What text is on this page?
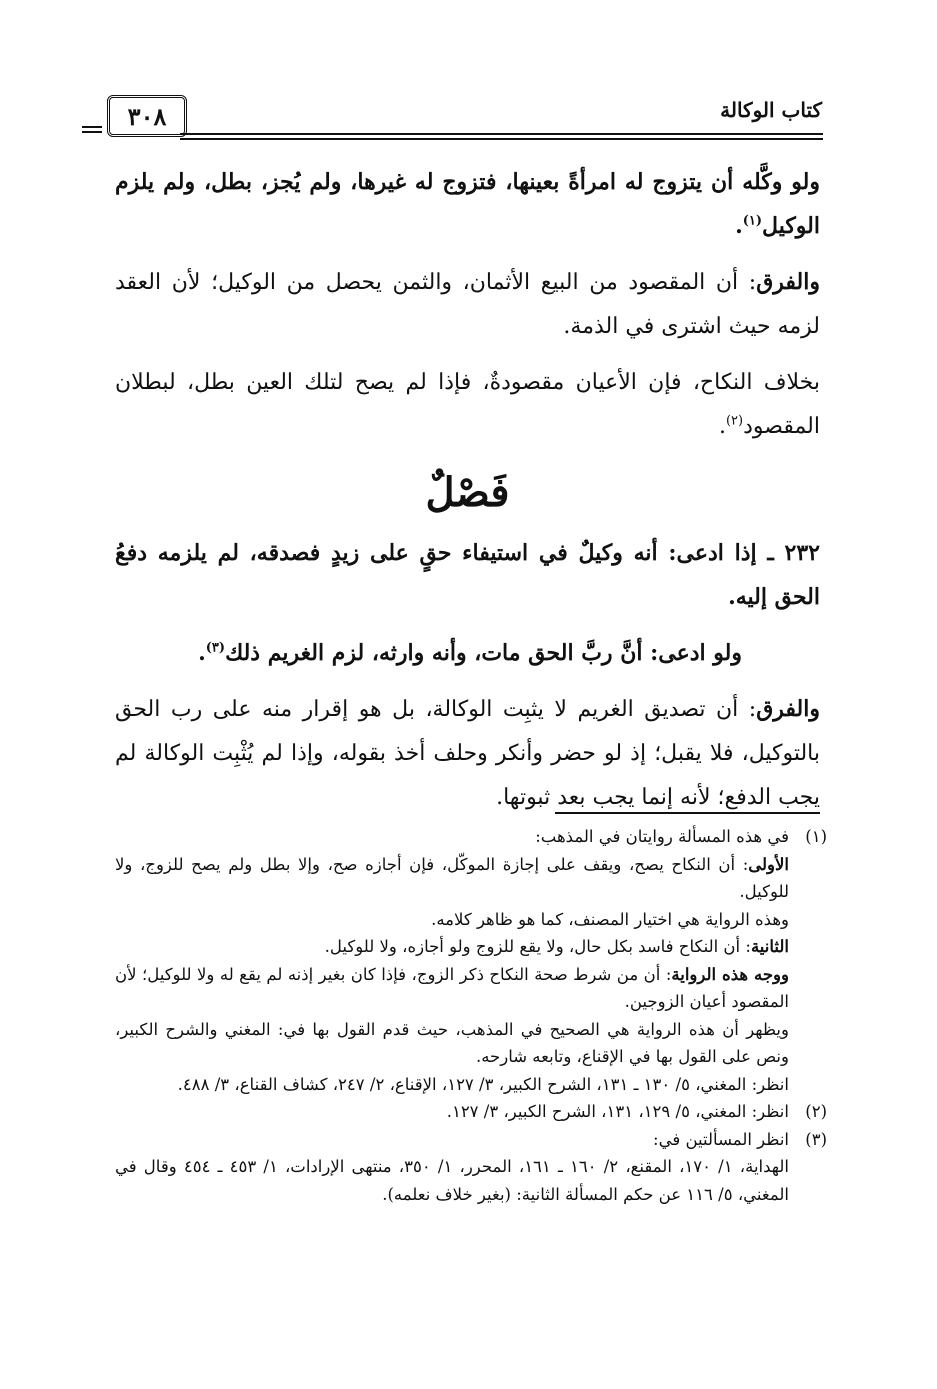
كتاب الوكالة
٣٠٨

ولو وكَّله أن يتزوج له امرأةً بعينها، فتزوج له غيرها، ولم يُجز، بطل، ولم يلزم الوكيل$^{(١)}$.

والفرق: أن المقصود من البيع الأثمان، والثمن يحصل من الوكيل؛ لأن العقد لزمه حيث اشترى في الذمة.

بخلاف النكاح، فإن الأعيان مقصودةٌ، فإذا لم يصح لتلك العين بطل، لبطلان المقصود$^{(٢)}$.

فَصْلٌ

٢٣٢ ـ إذا ادعى: أنه وكيلٌ في استيفاء حقٍ على زيدٍ فصدقه، لم يلزمه دفعُ الحق إليه.

ولو ادعى: أنَّ ربَّ الحق مات، وأنه وارثه، لزم الغريم ذلك$^{(٣)}$.

والفرق: أن تصديق الغريم لا يثبِت الوكالة، بل هو إقرار منه على رب الحق بالتوكيل، فلا يقبل؛ إذ لو حضر وأنكر وحلف أخذ بقوله، وإذا لم يُثْبِت الوكالة لم يجب الدفع؛ لأنه إنما يجب بعد ثبوتها.

(١)

في هذه المسألة روايتان في المذهب:

الأولى: أن النكاح يصح، ويقف على إجازة الموكّل، فإن أجازه صح، وإلا بطل ولم يصح للزوج، ولا للوكيل.

وهذه الرواية هي اختيار المصنف، كما هو ظاهر كلامه.

الثانية: أن النكاح فاسد بكل حال، ولا يقع للزوج ولو أجازه، ولا للوكيل.

ووجه هذه الرواية: أن من شرط صحة النكاح ذكر الزوج، فإذا كان بغير إذنه لم يقع له ولا للوكيل؛ لأن المقصود أعيان الزوجين.

ويظهر أن هذه الرواية هي الصحيح في المذهب، حيث قدم القول بها في: المغني والشرح الكبير، ونص على القول بها في الإقناع، وتابعه شارحه.

انظر: المغني، ٥/ ١٣٠ ـ ١٣١، الشرح الكبير، ٣/ ١٢٧، الإقناع، ٢/ ٢٤٧، كشاف القناع، ٣/ ٤٨٨.

(٢)

انظر: المغني، ٥/ ١٢٩، ١٣١، الشرح الكبير، ٣/ ١٢٧.

(٣)

انظر المسألتين في:

الهداية، ١/ ١٧٠، المقنع، ٢/ ١٦٠ ـ ١٦١، المحرر، ١/ ٣٥٠، منتهى الإرادات، ١/ ٤٥٣ ـ ٤٥٤ وقال في المغني، ٥/ ١١٦ عن حكم المسألة الثانية: (بغير خلاف نعلمه).
